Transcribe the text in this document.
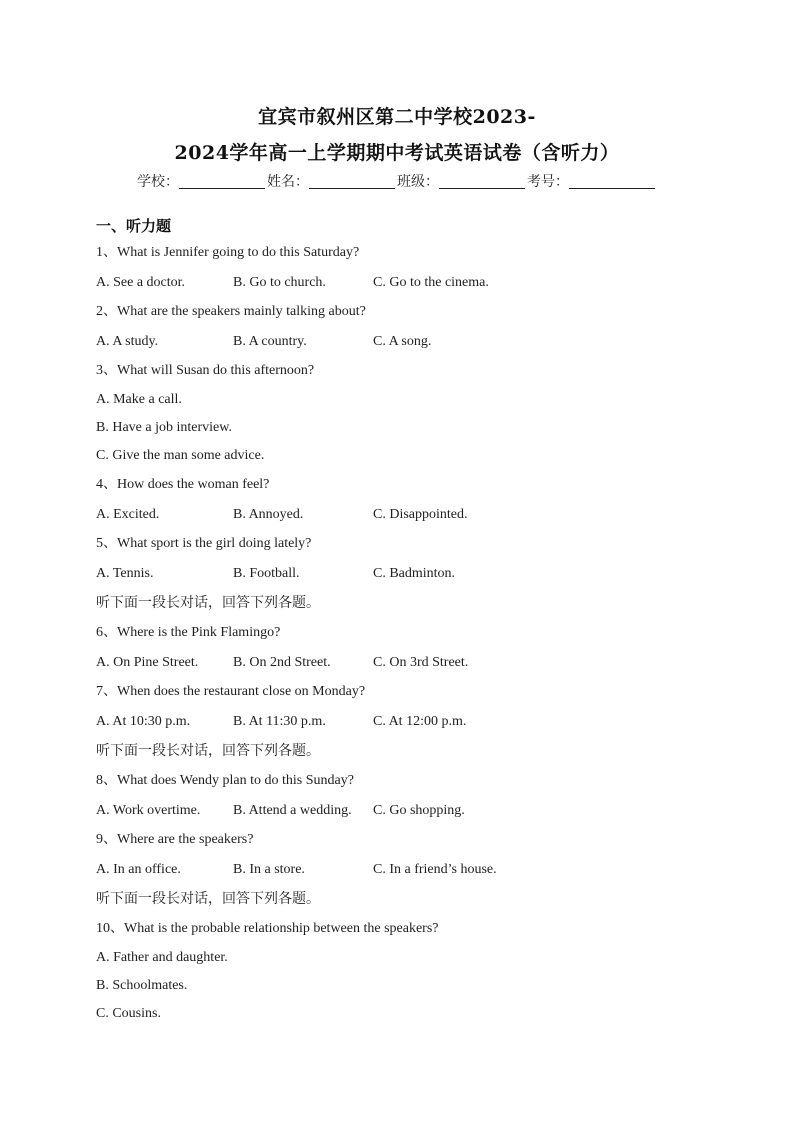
宜宾市叙州区第二中学校2023-
2024学年高一上学期期中考试英语试卷（含听力）
学校：	姓名：	班级：	考号：
一、听力题
1、What is Jennifer going to do this Saturday?
A. See a doctor.	B. Go to church.	C. Go to the cinema.
2、What are the speakers mainly talking about?
A. A study.	B. A country.	C. A song.
3、What will Susan do this afternoon?
A. Make a call.
B. Have a job interview.
C. Give the man some advice.
4、How does the woman feel?
A. Excited.	B. Annoyed.	C. Disappointed.
5、What sport is the girl doing lately?
A. Tennis.	B. Football.	C. Badminton.
听下面一段长对话，回答下列各题。
6、Where is the Pink Flamingo?
A. On Pine Street. B. On 2nd Street.	C. On 3rd Street.
7、When does the restaurant close on Monday?
A. At 10:30 p.m.	B. At 11:30 p.m.	C. At 12:00 p.m.
听下面一段长对话，回答下列各题。
8、What does Wendy plan to do this Sunday?
A. Work overtime. B. Attend a wedding. C. Go shopping.
9、Where are the speakers?
A. In an office.	B. In a store.	C. In a friend’s house.
听下面一段长对话，回答下列各题。
10、What is the probable relationship between the speakers?
A. Father and daughter.
B. Schoolmates.
C. Cousins.
